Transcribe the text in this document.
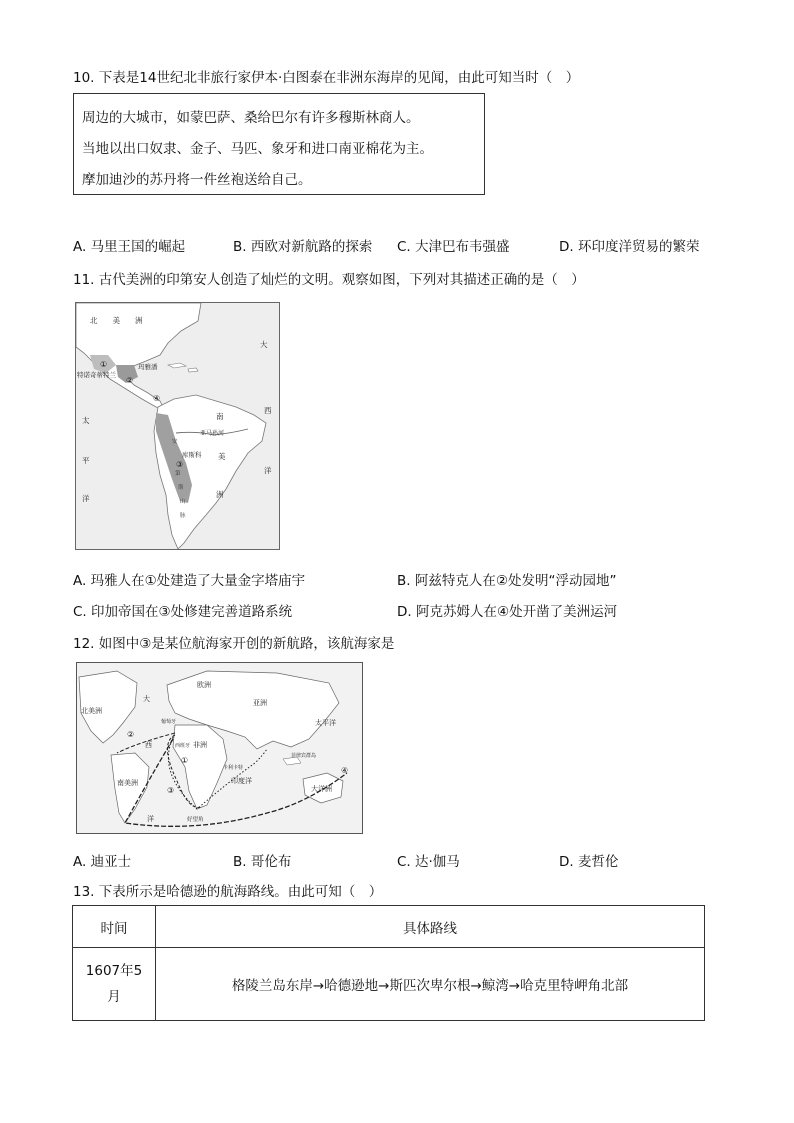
10. 下表是14世纪北非旅行家伊本·白图泰在非洲东海岸的见闻，由此可知当时（　）
周边的大城市，如蒙巴萨、桑给巴尔有许多穆斯林商人。
当地以出口奴隶、金子、马匹、象牙和进口南亚棉花为主。
摩加迪沙的苏丹将一件丝袍送给自己。
A. 马里王国的崛起	B. 西欧对新航路的探索 C. 大津巴布韦强盛	D. 环印度洋贸易的繁荣
11. 古代美洲的印第安人创造了灿烂的文明。观察如图，下列对其描述正确的是（　）
北　　美　　洲
特诺奇蒂特兰
玛雅潘
库斯科
①
②
④
③
南
美
洲
大
西
洋
太
平
洋
亚马孙河
安
第
斯
山
脉
A. 玛雅人在①处建造了大量金字塔庙宇	B. 阿兹特克人在②处发明“浮动园地”
C. 印加帝国在③处修建完善道路系统	D. 阿克苏姆人在④处开凿了美洲运河
12. 如图中③是某位航海家开创的新航路，该航海家是
北美洲
南美洲
欧洲
亚洲
非洲
大洋洲
太平洋
印度洋
大
西
洋
葡萄牙
西班牙
好望角
卡利卡特
菲律宾群岛
①
②
③
④
A. 迪亚士	B. 哥伦布	C. 达·伽马	D. 麦哲伦
13. 下表所示是哈德逊的航海路线。由此可知（　）
时间	具体路线

1607年5
月	格陵兰岛东岸→哈德逊地→斯匹次卑尔根→鲸湾→哈克里特岬角北部
